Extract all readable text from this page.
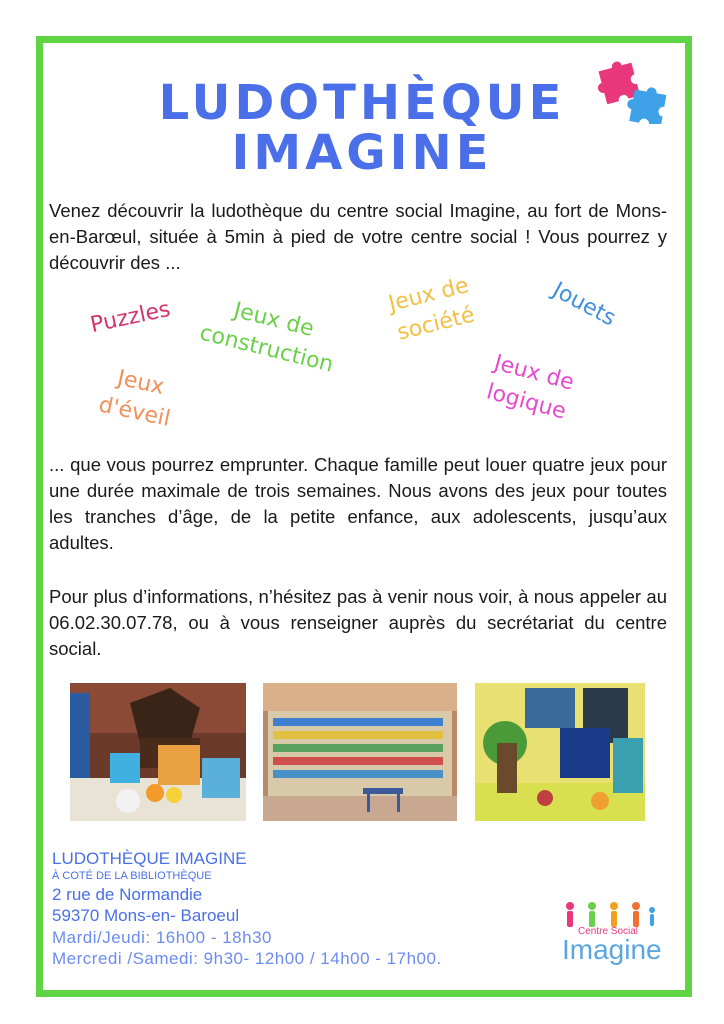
LUDOTHÈQUE
IMAGINE
Venez découvrir la ludothèque du centre social Imagine, au fort de Mons-en-Barœul, située à 5min à pied de votre centre social ! Vous pourrez y découvrir des ...
Puzzles	Jeux de construction
Jeux de société	Jouets
Jeux d'éveil
Jeux de logique
... que vous pourrez emprunter. Chaque famille peut louer quatre jeux pour une durée maximale de trois semaines. Nous avons des jeux pour toutes les tranches d’âge, de la petite enfance, aux adolescents, jusqu’aux adultes.
Pour plus d’informations, n’hésitez pas à venir nous voir, à nous appeler au 06.02.30.07.78, ou à vous renseigner auprès du secrétariat du centre social.
LUDOTHÈQUE IMAGINE
À COTÉ DE LA BIBLIOTHÈQUE
2 rue de Normandie
59370 Mons-en- Baroeul
Mardi/Jeudi: 16h00 - 18h30
Mercredi /Samedi: 9h30- 12h00 / 14h00 - 17h00.
Centre Social
Imagine
